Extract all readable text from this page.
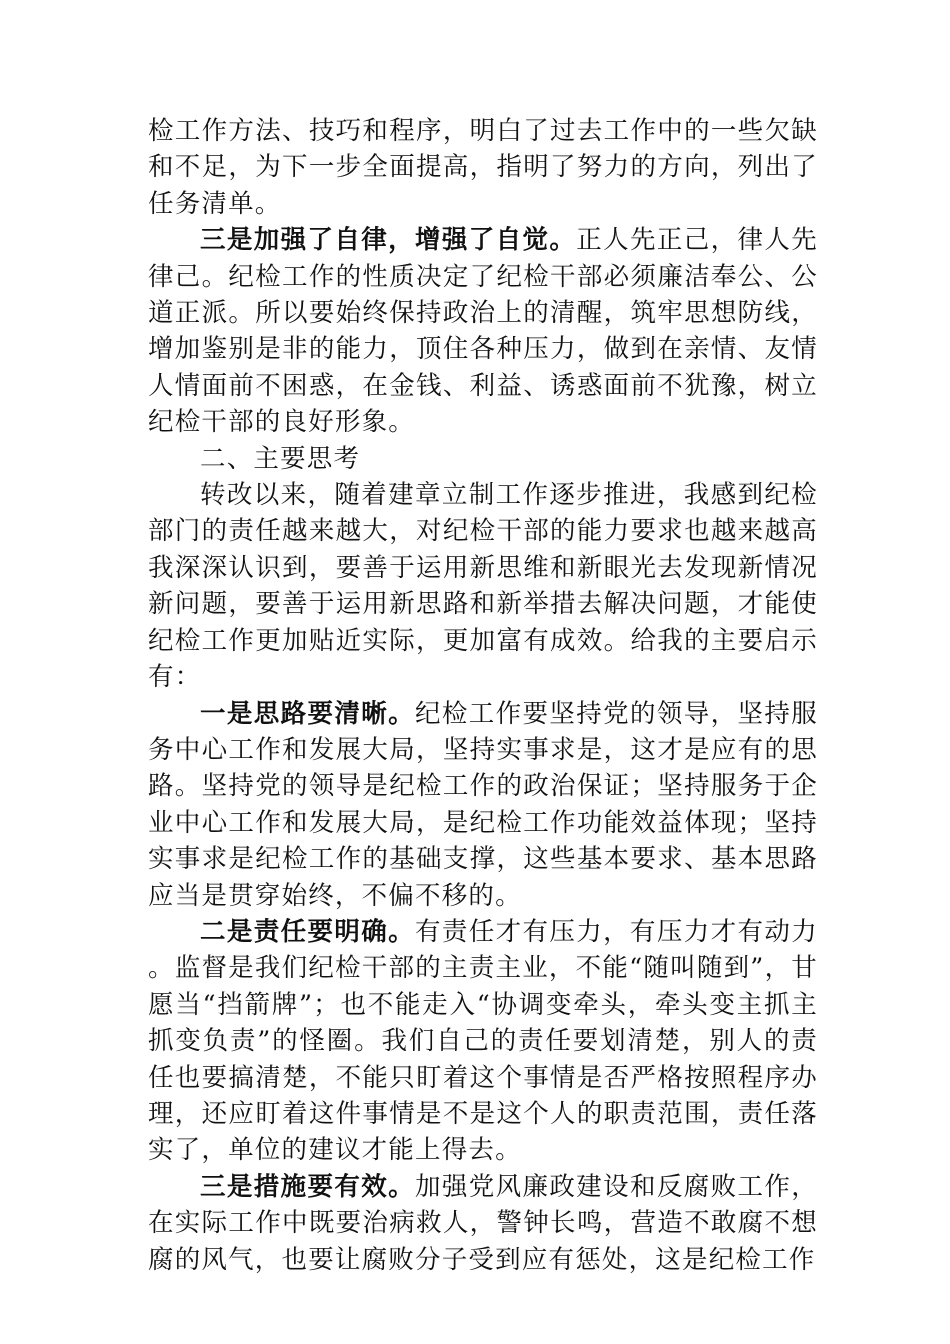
检工作方法、技巧和程序，明白了过去工作中的一些欠缺和不足，为下一步全面提高，指明了努力的方向，列出了任务清单。

三是加强了自律，增强了自觉。正人先正己，律人先律己。纪检工作的性质决定了纪检干部必须廉洁奉公、公道正派。所以要始终保持政治上的清醒，筑牢思想防线，增加鉴别是非的能力，顶住各种压力，做到在亲情、友情人情面前不困惑，在金钱、利益、诱惑面前不犹豫，树立纪检干部的良好形象。

二、主要思考

转改以来，随着建章立制工作逐步推进，我感到纪检部门的责任越来越大，对纪检干部的能力要求也越来越高我深深认识到，要善于运用新思维和新眼光去发现新情况新问题，要善于运用新思路和新举措去解决问题，才能使纪检工作更加贴近实际，更加富有成效。给我的主要启示有：

一是思路要清晰。纪检工作要坚持党的领导，坚持服务中心工作和发展大局，坚持实事求是，这才是应有的思路。坚持党的领导是纪检工作的政治保证；坚持服务于企业中心工作和发展大局，是纪检工作功能效益体现；坚持实事求是纪检工作的基础支撑，这些基本要求、基本思路应当是贯穿始终，不偏不移的。

二是责任要明确。有责任才有压力，有压力才有动力。监督是我们纪检干部的主责主业，不能“随叫随到”，甘愿当“挡箭牌”；也不能走入“协调变牵头，牵头变主抓主抓变负责”的怪圈。我们自己的责任要划清楚，别人的责任也要搞清楚，不能只盯着这个事情是否严格按照程序办理，还应盯着这件事情是不是这个人的职责范围，责任落实了，单位的建议才能上得去。

三是措施要有效。加强党风廉政建设和反腐败工作，在实际工作中既要治病救人，警钟长鸣，营造不敢腐不想腐的风气，也要让腐败分子受到应有惩处，这是纪检工作
